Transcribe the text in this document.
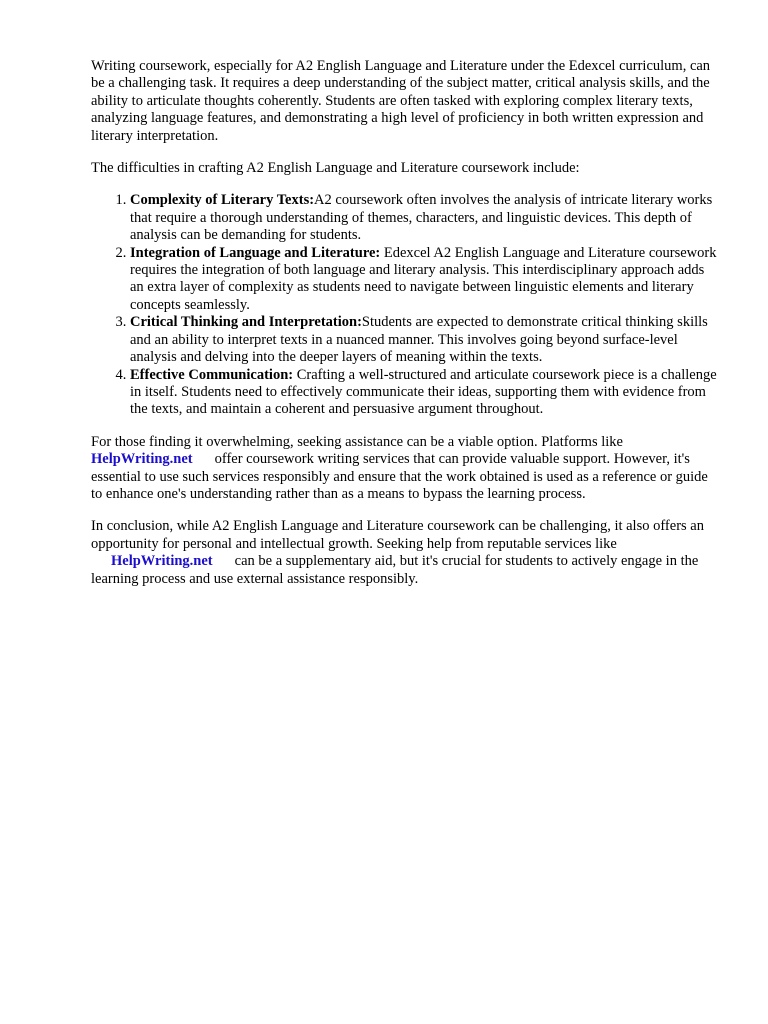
Writing coursework, especially for A2 English Language and Literature under the Edexcel curriculum, can be a challenging task. It requires a deep understanding of the subject matter, critical analysis skills, and the ability to articulate thoughts coherently. Students are often tasked with exploring complex literary texts, analyzing language features, and demonstrating a high level of proficiency in both written expression and literary interpretation.

The difficulties in crafting A2 English Language and Literature coursework include:

1. Complexity of Literary Texts:A2 coursework often involves the analysis of intricate literary works that require a thorough understanding of themes, characters, and linguistic devices. This depth of analysis can be demanding for students.
2. Integration of Language and Literature: Edexcel A2 English Language and Literature coursework requires the integration of both language and literary analysis. This interdisciplinary approach adds an extra layer of complexity as students need to navigate between linguistic elements and literary concepts seamlessly.
3. Critical Thinking and Interpretation:Students are expected to demonstrate critical thinking skills and an ability to interpret texts in a nuanced manner. This involves going beyond surface-level analysis and delving into the deeper layers of meaning within the texts.
4. Effective Communication: Crafting a well-structured and articulate coursework piece is a challenge in itself. Students need to effectively communicate their ideas, supporting them with evidence from the texts, and maintain a coherent and persuasive argument throughout.

For those finding it overwhelming, seeking assistance can be a viable option. Platforms like
HelpWriting.net offer coursework writing services that can provide valuable support. However, it's essential to use such services responsibly and ensure that the work obtained is used as a reference or guide to enhance one's understanding rather than as a means to bypass the learning process.

In conclusion, while A2 English Language and Literature coursework can be challenging, it also offers an opportunity for personal and intellectual growth. Seeking help from reputable services like
HelpWriting.net can be a supplementary aid, but it's crucial for students to actively engage in the learning process and use external assistance responsibly.
